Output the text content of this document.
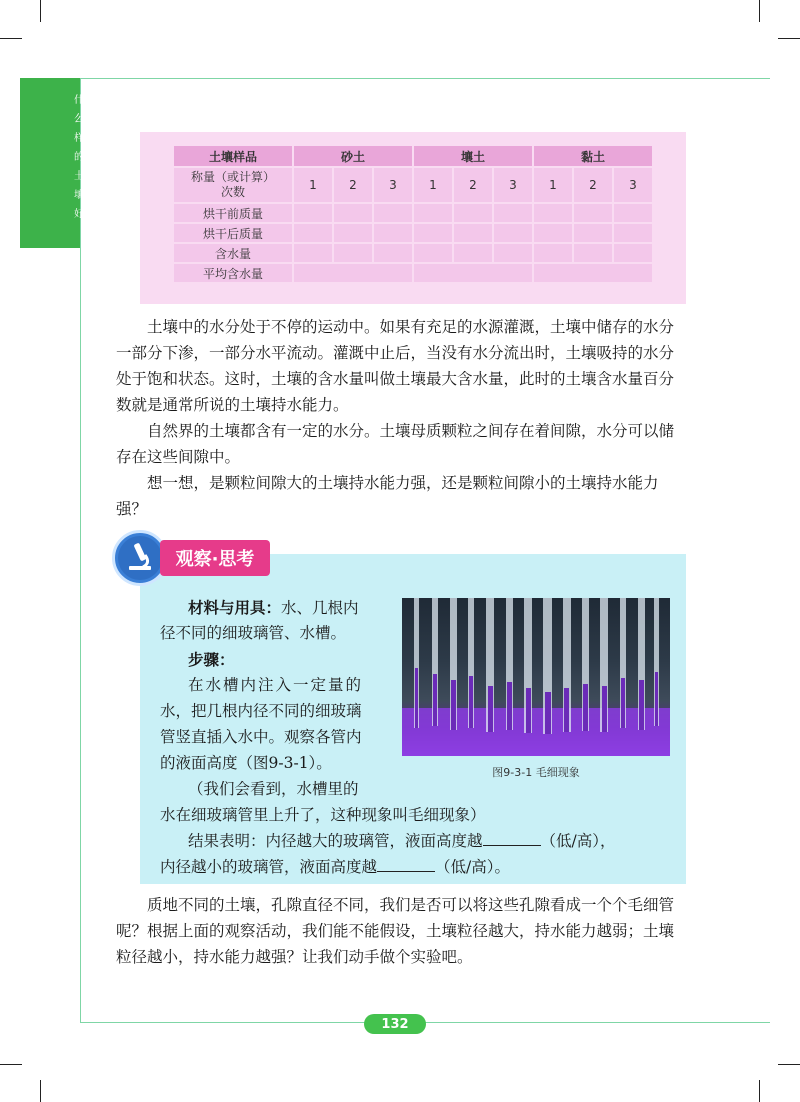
什
么
样
的
土
壤
好
土壤样品	砂土			壤土			黏土		

称量（或计算）
次数	1	2	3	1	2	3	1	2	3
烘干前质量									
烘干后质量									
含水量									
平均含水量									

土壤中的水分处于不停的运动中。如果有充足的水源灌溉，土壤中储存的水分一部分下渗，一部分水平流动。灌溉中止后，当没有水分流出时，土壤吸持的水分处于饱和状态。这时，土壤的含水量叫做土壤最大含水量，此时的土壤含水量百分数就是通常所说的土壤持水能力。

自然界的土壤都含有一定的水分。土壤母质颗粒之间存在着间隙，水分可以储存在这些间隙中。

想一想，是颗粒间隙大的土壤持水能力强，还是颗粒间隙小的土壤持水能力强？

观察·思考

材料与用具：水、几根内

径不同的细玻璃管、水槽。

步骤：

在水槽内注入一定量的

水，把几根内径不同的细玻璃

管竖直插入水中。观察各管内

的液面高度（图9-3-1）。

（我们会看到，水槽里的

水在细玻璃管里上升了，这种现象叫毛细现象）

结果表明：内径越大的玻璃管，液面高度越	（低/高），

内径越小的玻璃管，液面高度越	（低/高）。

图9-3-1 毛细现象

质地不同的土壤，孔隙直径不同，我们是否可以将这些孔隙看成一个个毛细管呢？根据上面的观察活动，我们能不能假设，土壤粒径越大，持水能力越弱；土壤粒径越小，持水能力越强？让我们动手做个实验吧。

132
